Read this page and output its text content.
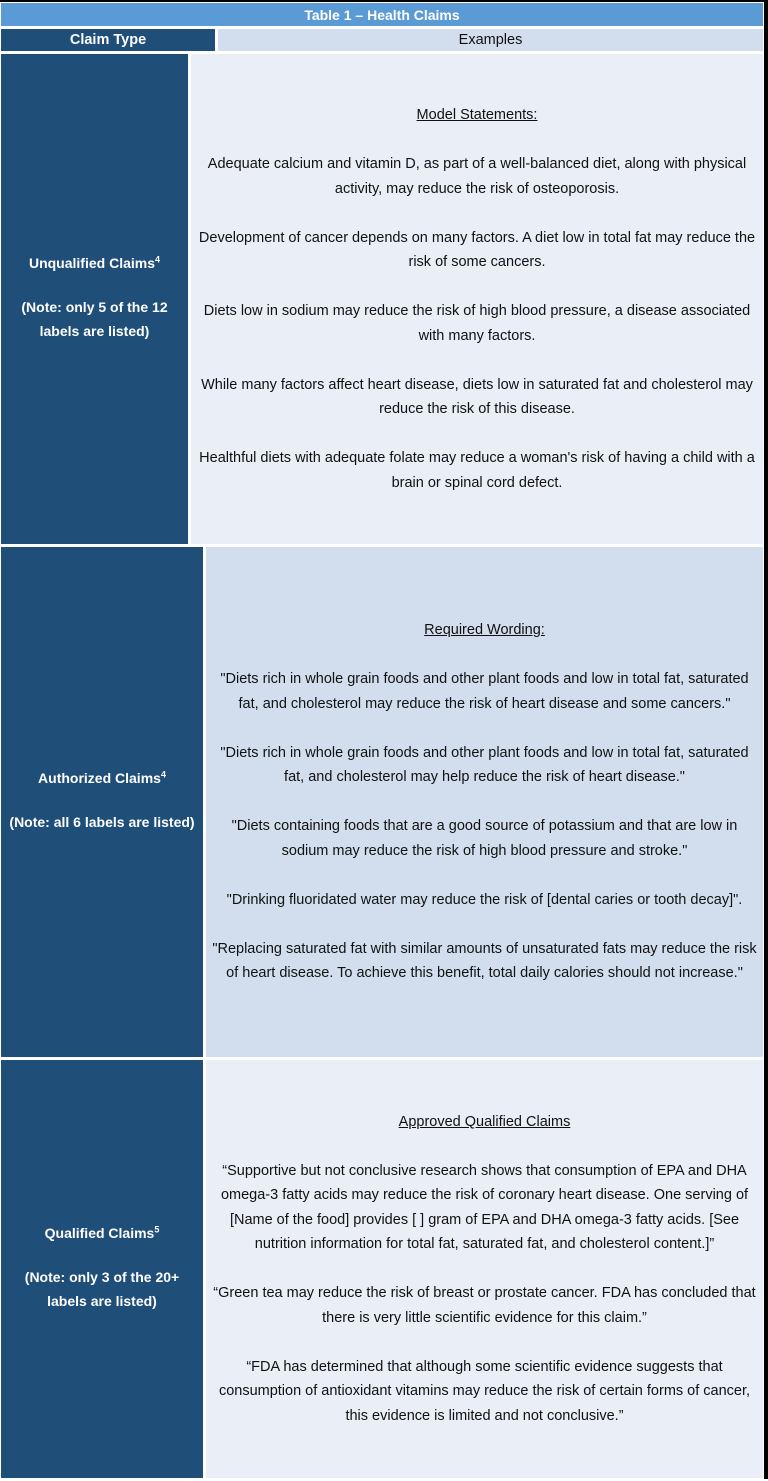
Table 1 – Health Claims
Claim Type	Examples
Unqualified Claims$^4$
(Note: only 5 of the 12
labels are listed)
Model Statements:
Adequate calcium and vitamin D, as part of a well-balanced diet, along with physical activity, may reduce the risk of osteoporosis.
Development of cancer depends on many factors. A diet low in total fat may reduce the risk of some cancers.
Diets low in sodium may reduce the risk of high blood pressure, a disease associated with many factors.
While many factors affect heart disease, diets low in saturated fat and cholesterol may reduce the risk of this disease.
Healthful diets with adequate folate may reduce a woman's risk of having a child with a brain or spinal cord defect.
Authorized Claims$^4$
(Note: all 6 labels are listed)
Required Wording:
"Diets rich in whole grain foods and other plant foods and low in total fat, saturated fat, and cholesterol may reduce the risk of heart disease and some cancers."
"Diets rich in whole grain foods and other plant foods and low in total fat, saturated fat, and cholesterol may help reduce the risk of heart disease."
"Diets containing foods that are a good source of potassium and that are low in sodium may reduce the risk of high blood pressure and stroke."
"Drinking fluoridated water may reduce the risk of [dental caries or tooth decay]".
"Replacing saturated fat with similar amounts of unsaturated fats may reduce the risk of heart disease. To achieve this benefit, total daily calories should not increase."
Qualified Claims$^5$
(Note: only 3 of the 20+
labels are listed)
Approved Qualified Claims
“Supportive but not conclusive research shows that consumption of EPA and DHA omega-3 fatty acids may reduce the risk of coronary heart disease. One serving of [Name of the food] provides [ ] gram of EPA and DHA omega-3 fatty acids. [See nutrition information for total fat, saturated fat, and cholesterol content.]”
“Green tea may reduce the risk of breast or prostate cancer. FDA has concluded that there is very little scientific evidence for this claim.”
“FDA has determined that although some scientific evidence suggests that consumption of antioxidant vitamins may reduce the risk of certain forms of cancer, this evidence is limited and not conclusive.”
